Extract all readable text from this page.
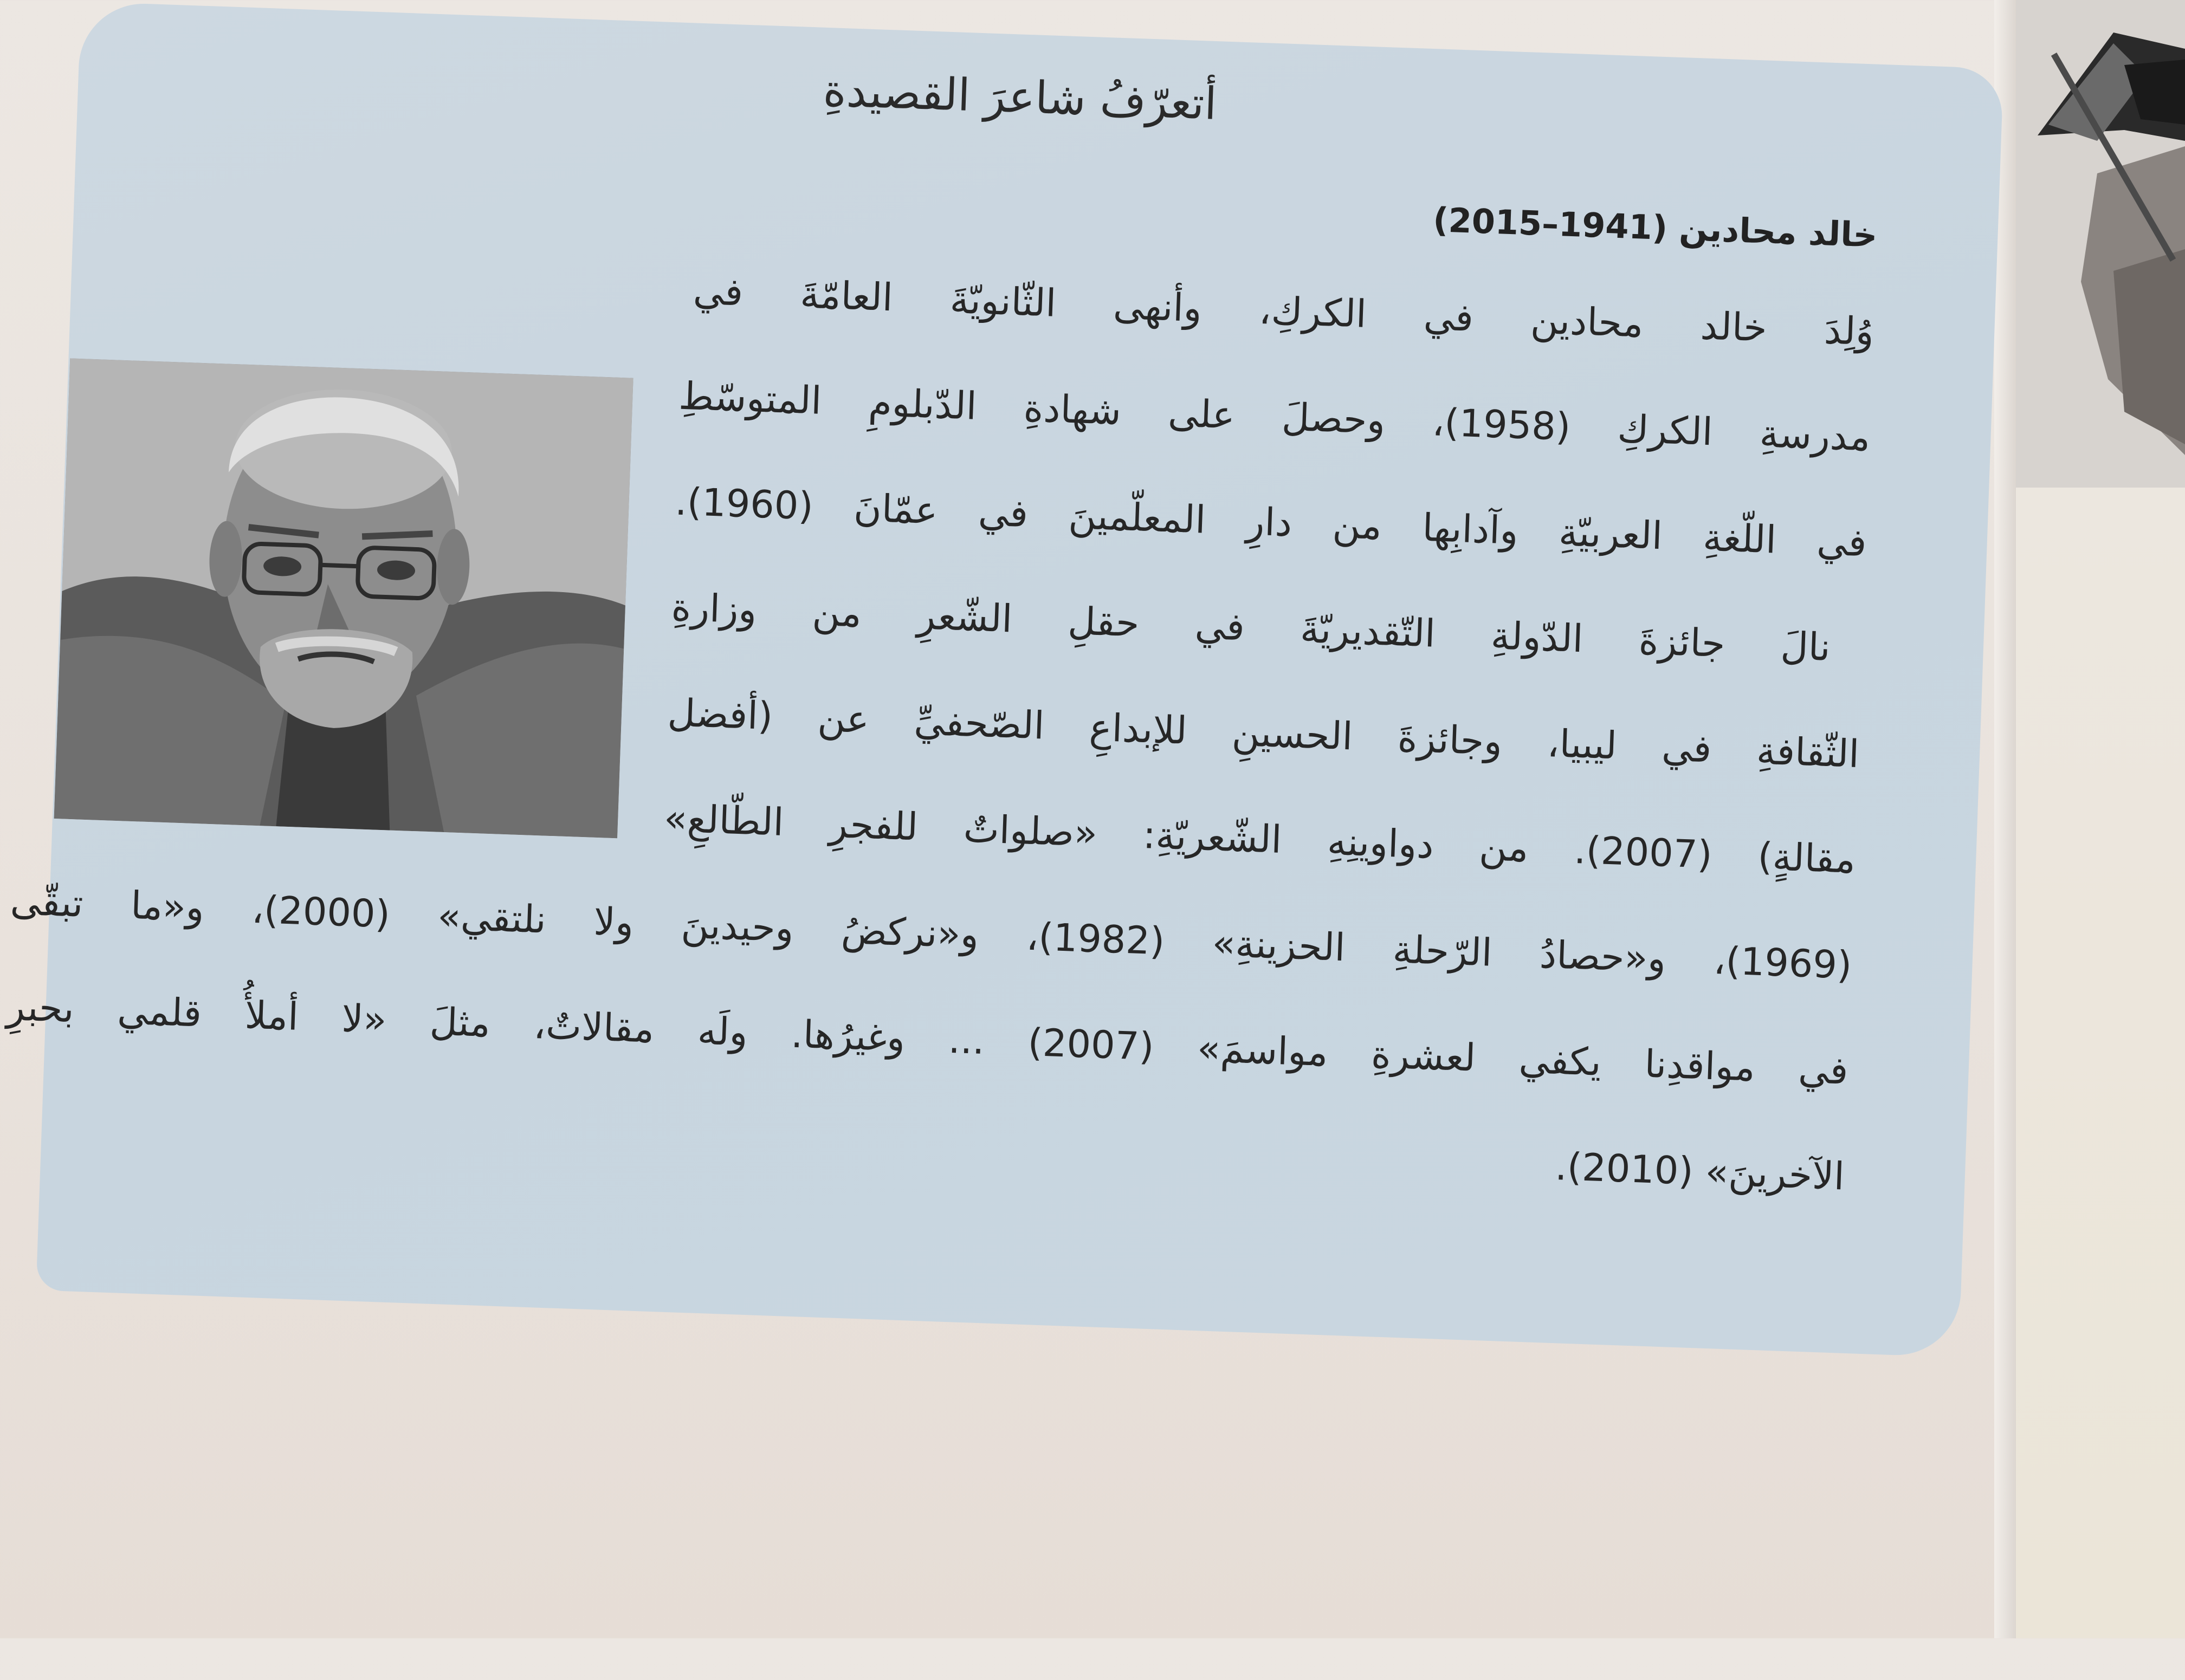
أتعرّفُ شاعرَ القصيدةِ
خالد محادين (1941–2015)
وُلِدَ خالد محادين في الكركِ، وأنهى الثّانويّةَ العامّةَ في
مدرسةِ الكركِ (1958)، وحصلَ على شهادةِ الدّبلومِ المتوسّطِ
في اللّغةِ العربيّةِ وآدابِها من دارِ المعلّمينَ في عمّانَ (1960).
نالَ جائزةَ الدّولةِ التّقديريّةَ في حقلِ الشّعرِ من وزارةِ
الثّقافةِ في ليبيا، وجائزةَ الحسينِ للإبداعِ الصّحفيِّ عن (أفضل
مقالةٍ) (2007). من دواوينِهِ الشّعريّةِ: «صلواتٌ للفجرِ الطّالعِ»
(1969)، و«حصادُ الرّحلةِ الحزينةِ» (1982)، و«نركضُ وحيدينَ ولا نلتقي» (2000)، و«ما تبقّى
في مواقدِنا يكفي لعشرةِ مواسمَ» (2007) ... وغيرُها. ولَه مقالاتٌ، مثلَ «لا أملأُ قلمي بحبرِ
الآخرينَ» (2010).
